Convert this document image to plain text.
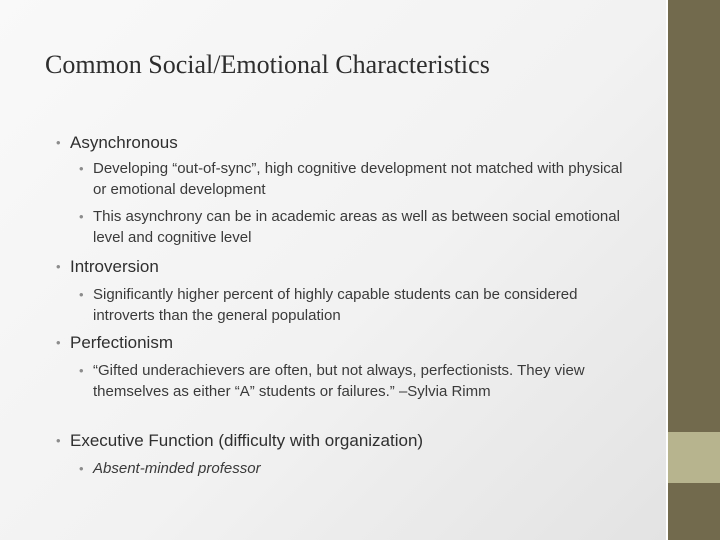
Common Social/Emotional Characteristics
• Asynchronous
• Developing “out-of-sync”, high cognitive development not matched with physical or emotional development
• This asynchrony can be in academic areas as well as between social emotional level and cognitive level
• Introversion
• Significantly higher percent of highly capable students can be considered introverts than the general population
• Perfectionism
• “Gifted underachievers are often, but not always, perfectionists. They view themselves as either “A” students or failures.” –Sylvia Rimm
• Executive Function (difficulty with organization)
• Absent-minded professor
